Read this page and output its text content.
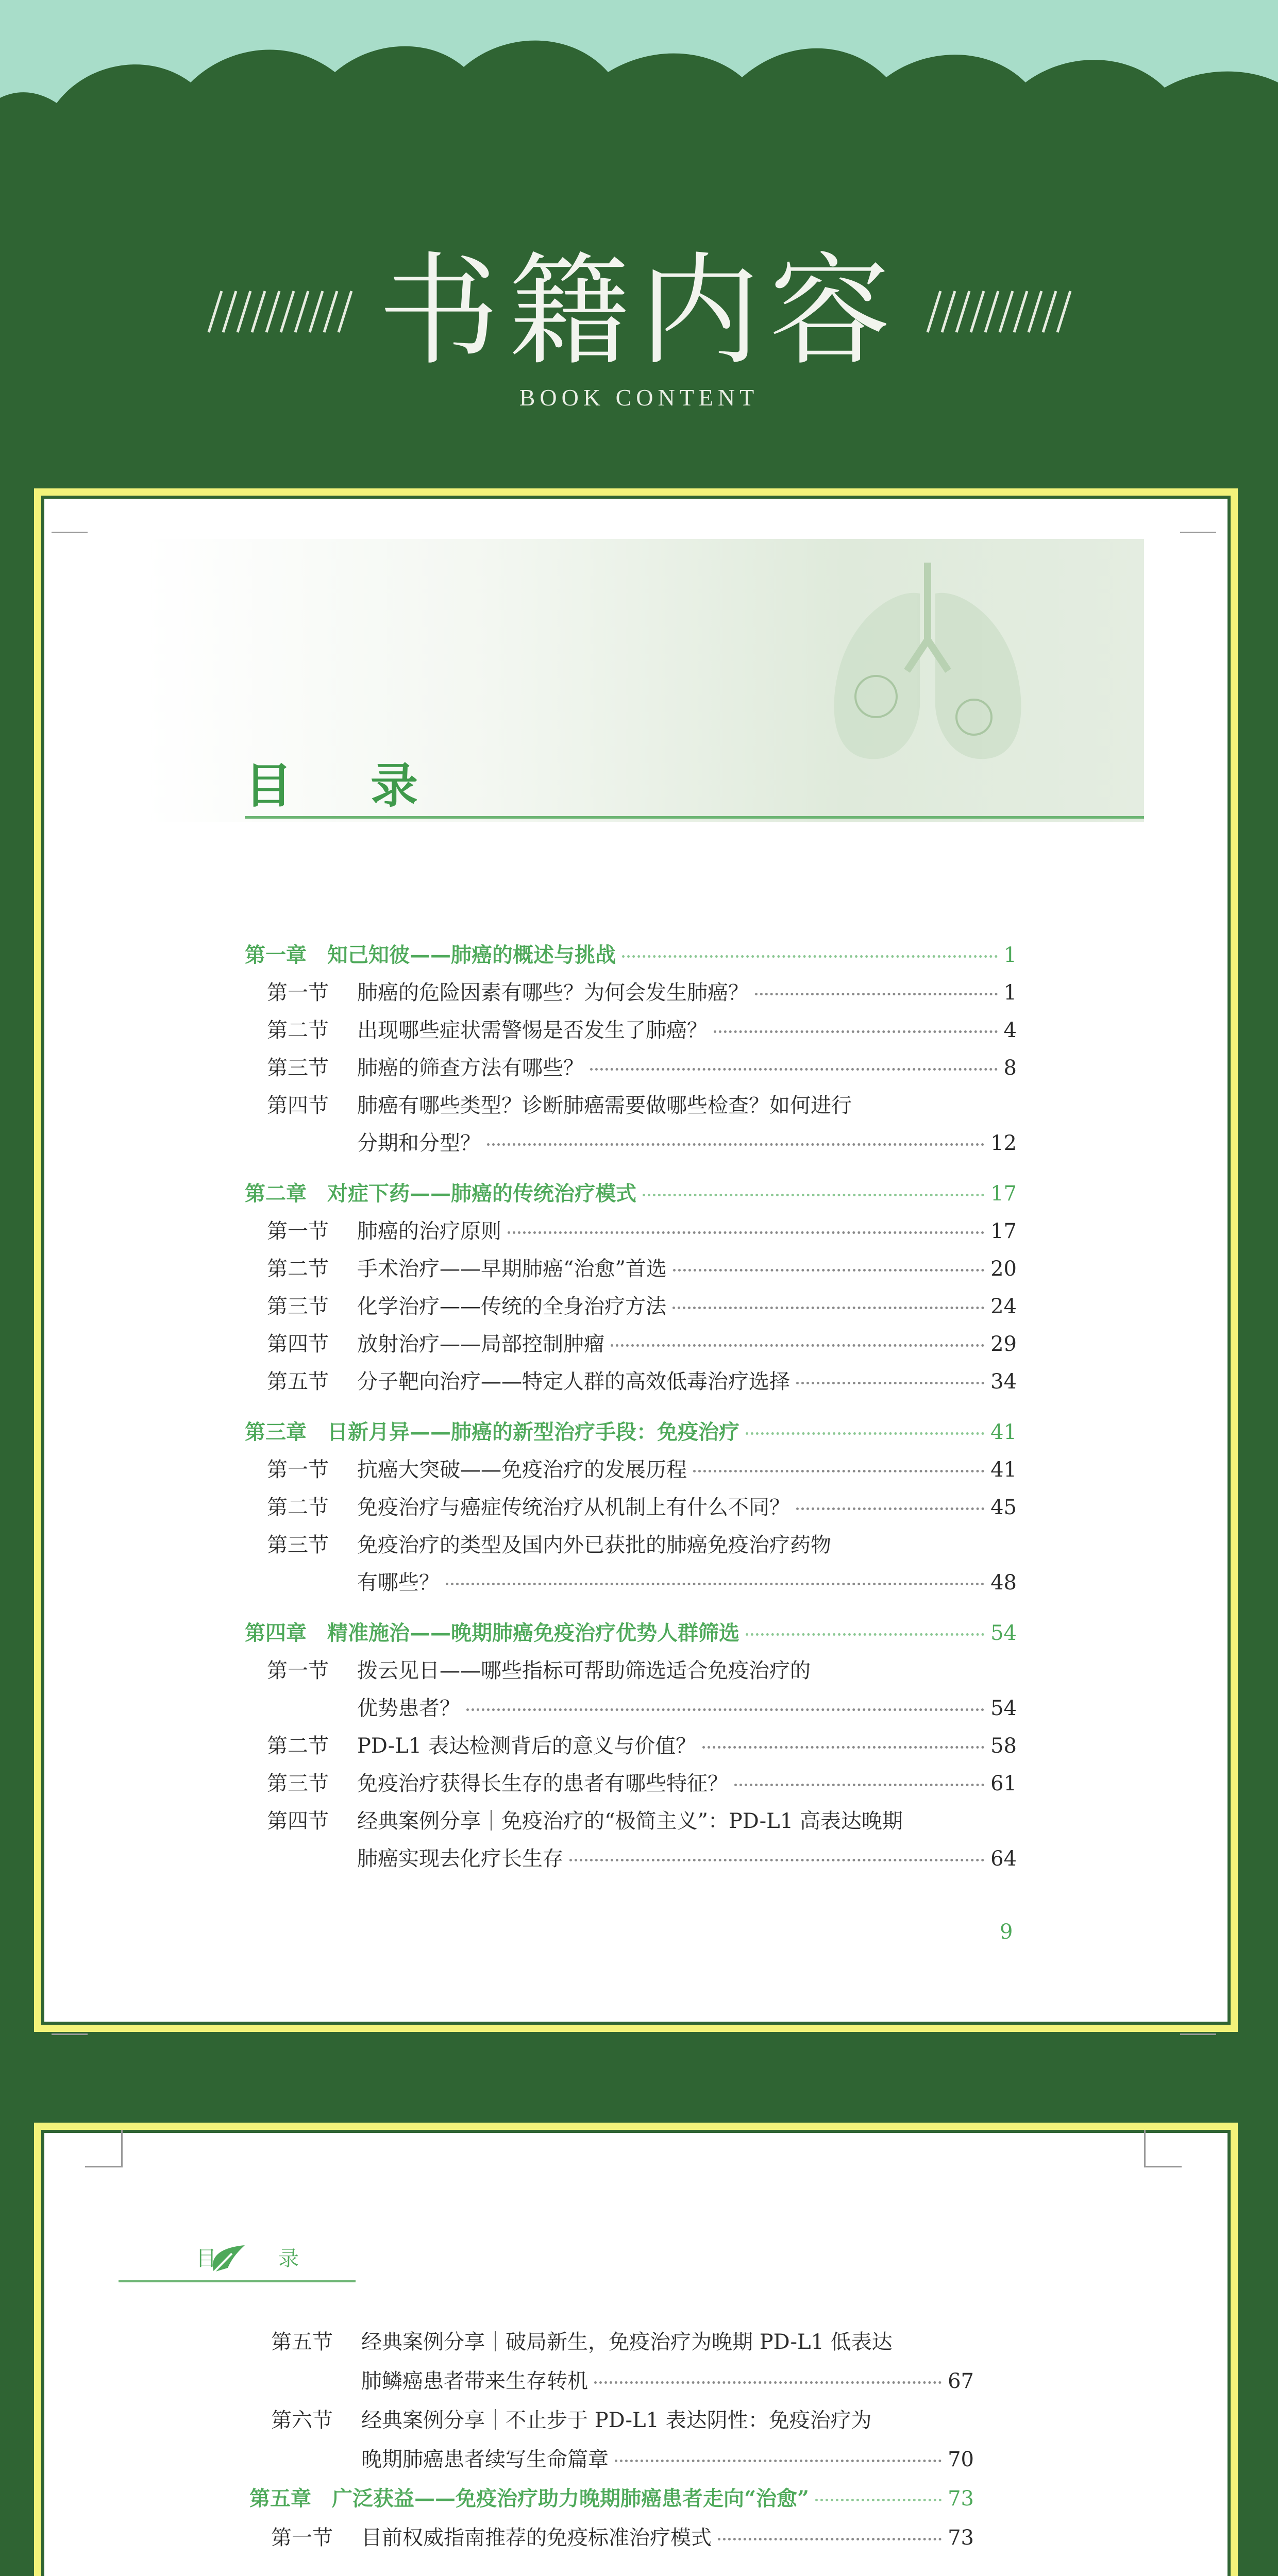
书籍内容
BOOK CONTENT
目 录
第一章　知己知彼——肺癌的概述与挑战	1
第一节	肺癌的危险因素有哪些？为何会发生肺癌？	1
第二节	出现哪些症状需警惕是否发生了肺癌？	4
第三节	肺癌的筛查方法有哪些？	8
第四节 肺癌有哪些类型？诊断肺癌需要做哪些检查？如何进行
分期和分型？	12
第二章　对症下药——肺癌的传统治疗模式	17
第一节	肺癌的治疗原则	17
第二节	手术治疗——早期肺癌“治愈”首选	20
第三节	化学治疗——传统的全身治疗方法	24
第四节	放射治疗——局部控制肿瘤	29
第五节	分子靶向治疗——特定人群的高效低毒治疗选择	34
第三章　日新月异——肺癌的新型治疗手段：免疫治疗	41
第一节	抗癌大突破——免疫治疗的发展历程	41
第二节	免疫治疗与癌症传统治疗从机制上有什么不同？	45
第三节 免疫治疗的类型及国内外已获批的肺癌免疫治疗药物
有哪些？	48
第四章　精准施治——晚期肺癌免疫治疗优势人群筛选	54
第一节 拨云见日——哪些指标可帮助筛选适合免疫治疗的
优势患者？	54
第二节	PD-L1 表达检测背后的意义与价值？	58
第三节	免疫治疗获得长生存的患者有哪些特征？	61
第四节 经典案例分享｜免疫治疗的“极简主义”：PD-L1 高表达晚期
肺癌实现去化疗长生存	64
9
目　录
第五节 经典案例分享｜破局新生，免疫治疗为晚期 PD-L1 低表达
肺鳞癌患者带来生存转机	67
第六节 经典案例分享｜不止步于 PD-L1 表达阴性：免疫治疗为
晚期肺癌患者续写生命篇章	70
第五章　广泛获益——免疫治疗助力晚期肺癌患者走向“治愈”	73
第一节	目前权威指南推荐的免疫标准治疗模式	73
